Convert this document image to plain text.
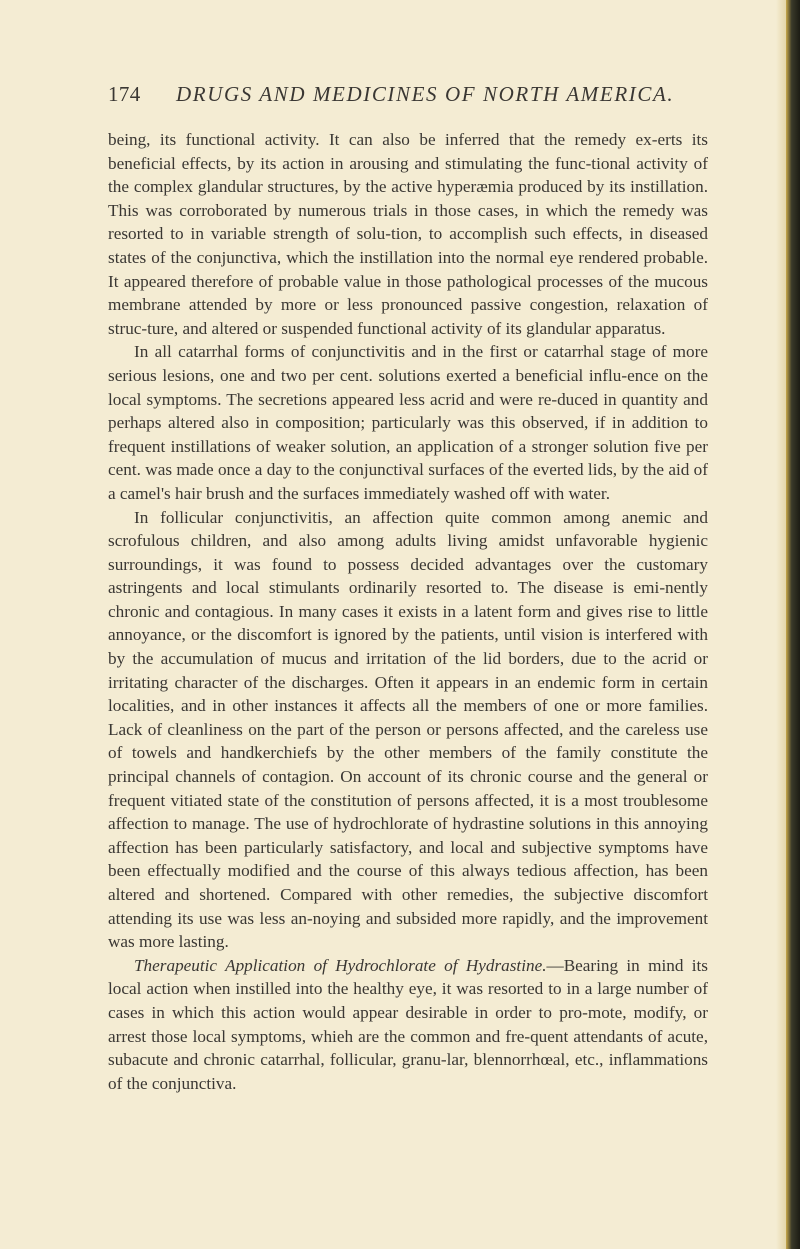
174 DRUGS AND MEDICINES OF NORTH AMERICA.

being, its functional activity. It can also be inferred that the remedy ex-erts its beneficial effects, by its action in arousing and stimulating the func-tional activity of the complex glandular structures, by the active hyperæmia produced by its instillation. This was corroborated by numerous trials in those cases, in which the remedy was resorted to in variable strength of solu-tion, to accomplish such effects, in diseased states of the conjunctiva, which the instillation into the normal eye rendered probable. It appeared therefore of probable value in those pathological processes of the mucous membrane attended by more or less pronounced passive congestion, relaxation of struc-ture, and altered or suspended functional activity of its glandular apparatus.

In all catarrhal forms of conjunctivitis and in the first or catarrhal stage of more serious lesions, one and two per cent. solutions exerted a beneficial influ-ence on the local symptoms. The secretions appeared less acrid and were re-duced in quantity and perhaps altered also in composition; particularly was this observed, if in addition to frequent instillations of weaker solution, an application of a stronger solution five per cent. was made once a day to the conjunctival surfaces of the everted lids, by the aid of a camel's hair brush and the surfaces immediately washed off with water.

In follicular conjunctivitis, an affection quite common among anemic and scrofulous children, and also among adults living amidst unfavorable hygienic surroundings, it was found to possess decided advantages over the customary astringents and local stimulants ordinarily resorted to. The disease is emi-nently chronic and contagious. In many cases it exists in a latent form and gives rise to little annoyance, or the discomfort is ignored by the patients, until vision is interfered with by the accumulation of mucus and irritation of the lid borders, due to the acrid or irritating character of the discharges. Often it appears in an endemic form in certain localities, and in other instances it affects all the members of one or more families. Lack of cleanliness on the part of the person or persons affected, and the careless use of towels and handkerchiefs by the other members of the family constitute the principal channels of contagion. On account of its chronic course and the general or frequent vitiated state of the constitution of persons affected, it is a most troublesome affection to manage. The use of hydrochlorate of hydrastine solutions in this annoying affection has been particularly satisfactory, and local and subjective symptoms have been effectually modified and the course of this always tedious affection, has been altered and shortened. Compared with other remedies, the subjective discomfort attending its use was less an-noying and subsided more rapidly, and the improvement was more lasting.

Therapeutic Application of Hydrochlorate of Hydrastine.—Bearing in mind its local action when instilled into the healthy eye, it was resorted to in a large number of cases in which this action would appear desirable in order to pro-mote, modify, or arrest those local symptoms, whieh are the common and fre-quent attendants of acute, subacute and chronic catarrhal, follicular, granu-lar, blennorrhœal, etc., inflammations of the conjunctiva.
